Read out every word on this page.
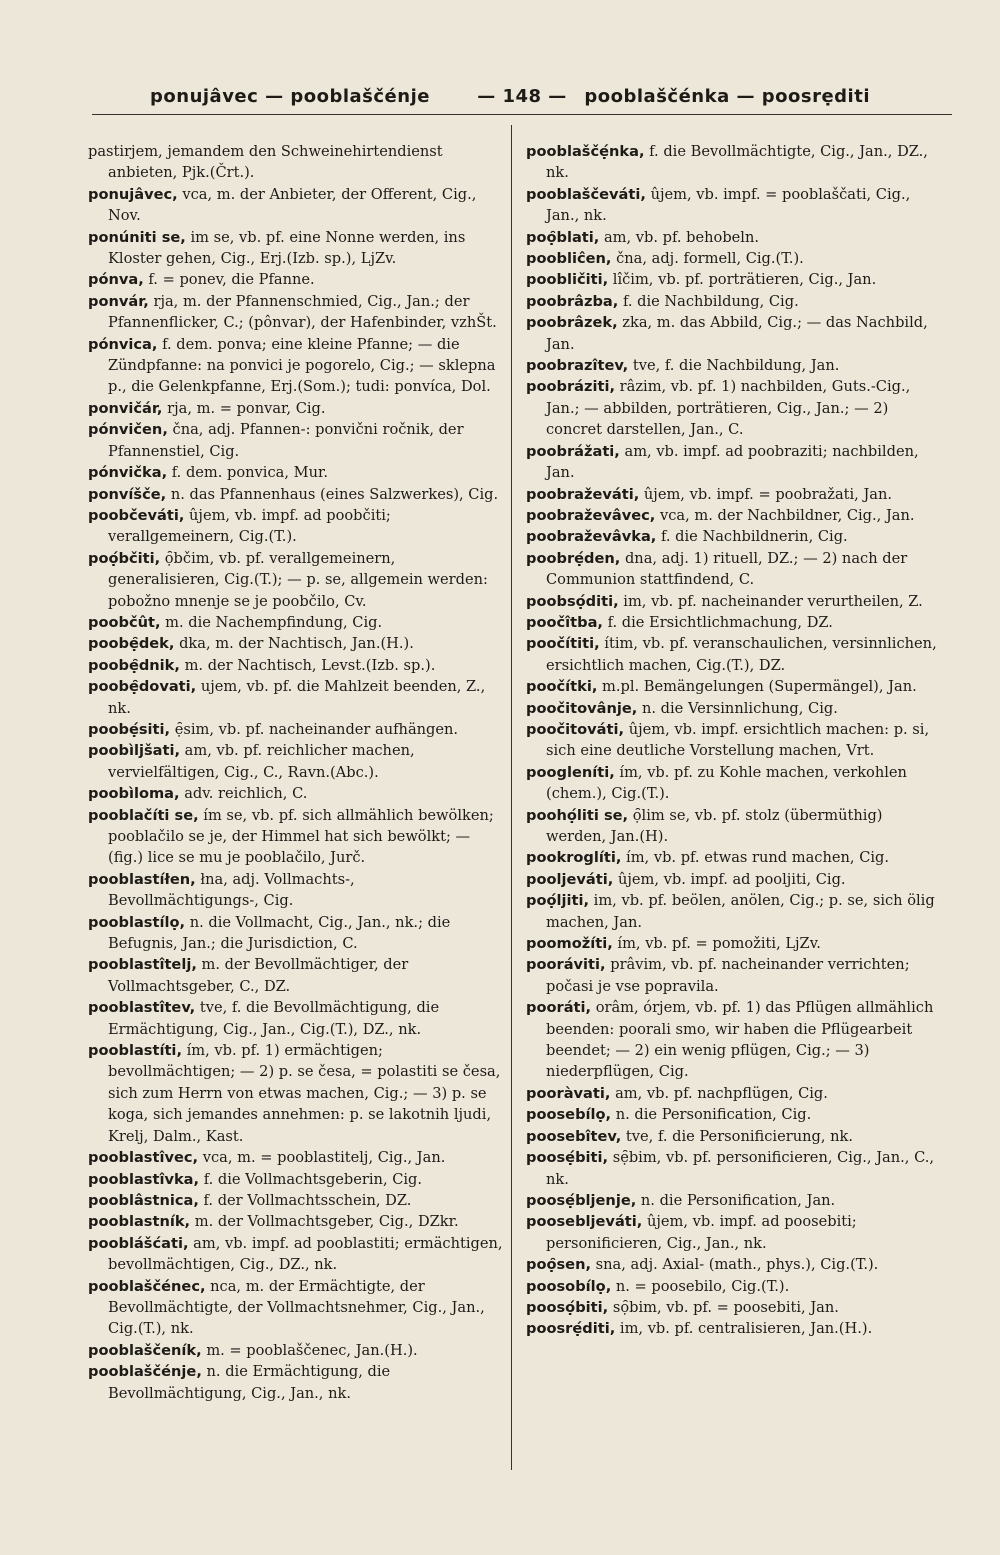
ponujâvec — pooblaščénje	— 148 — pooblaščénka — poosrẹditi

pastirjem, jemandem den Schweinehirtendienst anbieten, Pjk.(Črt.).

ponujâvec, vca, m. der Anbieter, der Offerent, Cig., Nov.

ponúniti se, im se, vb. pf. eine Nonne werden, ins Kloster gehen, Cig., Erj.(Izb. sp.), LjZv.

pónva, f. = ponev, die Pfanne.

ponvár, rja, m. der Pfannenschmied, Cig., Jan.; der Pfannenflicker, C.; (pônvar), der Hafenbinder, vzhŠt.

pónvica, f. dem. ponva; eine kleine Pfanne; — die Zündpfanne: na ponvici je pogorelo, Cig.; — sklepna p., die Gelenkpfanne, Erj.(Som.); tudi: ponvíca, Dol.

ponvičár, rja, m. = ponvar, Cig.

pónvičen, čna, adj. Pfannen-: ponvični ročnik, der Pfannenstiel, Cig.

pónvička, f. dem. ponvica, Mur.

ponvíšče, n. das Pfannenhaus (eines Salzwerkes), Cig.

poobčeváti, ûjem, vb. impf. ad poobčiti; verallgemeinern, Cig.(T.).

poọ́bčiti, ọ̑bčim, vb. pf. verallgemeinern, generalisieren, Cig.(T.); — p. se, allgemein werden: pobožno mnenje se je poobčilo, Cv.

poobčût, m. die Nachempfindung, Cig.

poobẹ̑dek, dka, m. der Nachtisch, Jan.(H.).

poobẹ̑dnik, m. der Nachtisch, Levst.(Izb. sp.).

poobẹ̑dovati, ujem, vb. pf. die Mahlzeit beenden, Z., nk.

poobẹ́siti, ẹ̑sim, vb. pf. nacheinander aufhängen.

poobìljšati, am, vb. pf. reichlicher machen, vervielfältigen, Cig., C., Ravn.(Abc.).

poobìloma, adv. reichlich, C.

pooblačíti se, ím se, vb. pf. sich allmählich bewölken; pooblačilo se je, der Himmel hat sich bewölkt; — (fig.) lice se mu je pooblačilo, Jurč.

pooblastíłen, łna, adj. Vollmachts-, Bevollmächtigungs-, Cig.

pooblastílọ, n. die Vollmacht, Cig., Jan., nk.; die Befugnis, Jan.; die Jurisdiction, C.

pooblastîtelj, m. der Bevollmächtiger, der Vollmachtsgeber, C., DZ.

pooblastîtev, tve, f. die Bevollmächtigung, die Ermächtigung, Cig., Jan., Cig.(T.), DZ., nk.

pooblastíti, ím, vb. pf. 1) ermächtigen; bevollmächtigen; — 2) p. se česa, = polastiti se česa, sich zum Herrn von etwas machen, Cig.; — 3) p. se koga, sich jemandes annehmen: p. se lakotnih ljudi, Krelj, Dalm., Kast.

pooblastîvec, vca, m. = pooblastitelj, Cig., Jan.

pooblastîvka, f. die Vollmachtsgeberin, Cig.

pooblâstnica, f. der Vollmachtsschein, DZ.

pooblastník, m. der Vollmachtsgeber, Cig., DZkr.

pooblášćati, am, vb. impf. ad pooblastiti; ermächtigen, bevollmächtigen, Cig., DZ., nk.

pooblaščénec, nca, m. der Ermächtigte, der Bevollmächtigte, der Vollmachtsnehmer, Cig., Jan., Cig.(T.), nk.

pooblaščeník, m. = pooblaščenec, Jan.(H.).

pooblaščénje, n. die Ermächtigung, die Bevollmächtigung, Cig., Jan., nk.

pooblaščẹ́nka, f. die Bevollmächtigte, Cig., Jan., DZ., nk.

pooblaščeváti, ûjem, vb. impf. = pooblaščati, Cig., Jan., nk.

poọ̑blati, am, vb. pf. behobeln.

poobliĉen, čna, adj. formell, Cig.(T.).

poobličiti, lîčim, vb. pf. porträtieren, Cig., Jan.

poobrâzba, f. die Nachbildung, Cig.

poobrâzek, zka, m. das Abbild, Cig.; — das Nachbild, Jan.

poobrazîtev, tve, f. die Nachbildung, Jan.

poobráziti, râzim, vb. pf. 1) nachbilden, Guts.-Cig., Jan.; — abbilden, porträtieren, Cig., Jan.; — 2) concret darstellen, Jan., C.

poobrážati, am, vb. impf. ad poobraziti; nachbilden, Jan.

poobraževáti, ûjem, vb. impf. = poobražati, Jan.

poobraževâvec, vca, m. der Nachbildner, Cig., Jan.

poobraževâvka, f. die Nachbildnerin, Cig.

poobrẹ́den, dna, adj. 1) rituell, DZ.; — 2) nach der Communion stattfindend, C.

poobsọ́diti, im, vb. pf. nacheinander verurtheilen, Z.

poočîtba, f. die Ersichtlichmachung, DZ.

poočítiti, ítim, vb. pf. veranschaulichen, versinnlichen, ersichtlich machen, Cig.(T.), DZ.

poočítki, m.pl. Bemängelungen (Supermängel), Jan.

poočitovânje, n. die Versinnlichung, Cig.

poočitováti, ûjem, vb. impf. ersichtlich machen: p. si, sich eine deutliche Vorstellung machen, Vrt.

poogleníti, ím, vb. pf. zu Kohle machen, verkohlen (chem.), Cig.(T.).

poohọ́liti se, ọ̑lim se, vb. pf. stolz (übermüthig) werden, Jan.(H).

pookroglíti, ím, vb. pf. etwas rund machen, Cig.

pooljeváti, ûjem, vb. impf. ad pooljiti, Cig.

poọ́ljiti, im, vb. pf. beölen, anölen, Cig.; p. se, sich ölig machen, Jan.

poomožíti, ím, vb. pf. = pomožiti, LjZv.

pooráviti, prâvim, vb. pf. nacheinander verrichten; počasi je vse popravila.

pooráti, orâm, órjem, vb. pf. 1) das Pflügen allmählich beenden: poorali smo, wir haben die Pflügearbeit beendet; — 2) ein wenig pflügen, Cig.; — 3) niederpflügen, Cig.

pooràvati, am, vb. pf. nachpflügen, Cig.

poosebílọ, n. die Personification, Cig.

poosebîtev, tve, f. die Personificierung, nk.

poosẹ́biti, sẹ̑bim, vb. pf. personificieren, Cig., Jan., C., nk.

poosẹ́bljenje, n. die Personification, Jan.

poosebljeváti, ûjem, vb. impf. ad poosebiti; personificieren, Cig., Jan., nk.

poọ̑sen, sna, adj. Axial- (math., phys.), Cig.(T.).

poosobílọ, n. = poosebilo, Cig.(T.).

poosọ́biti, sọ̑bim, vb. pf. = poosebiti, Jan.

poosrẹ́diti, im, vb. pf. centralisieren, Jan.(H.).
